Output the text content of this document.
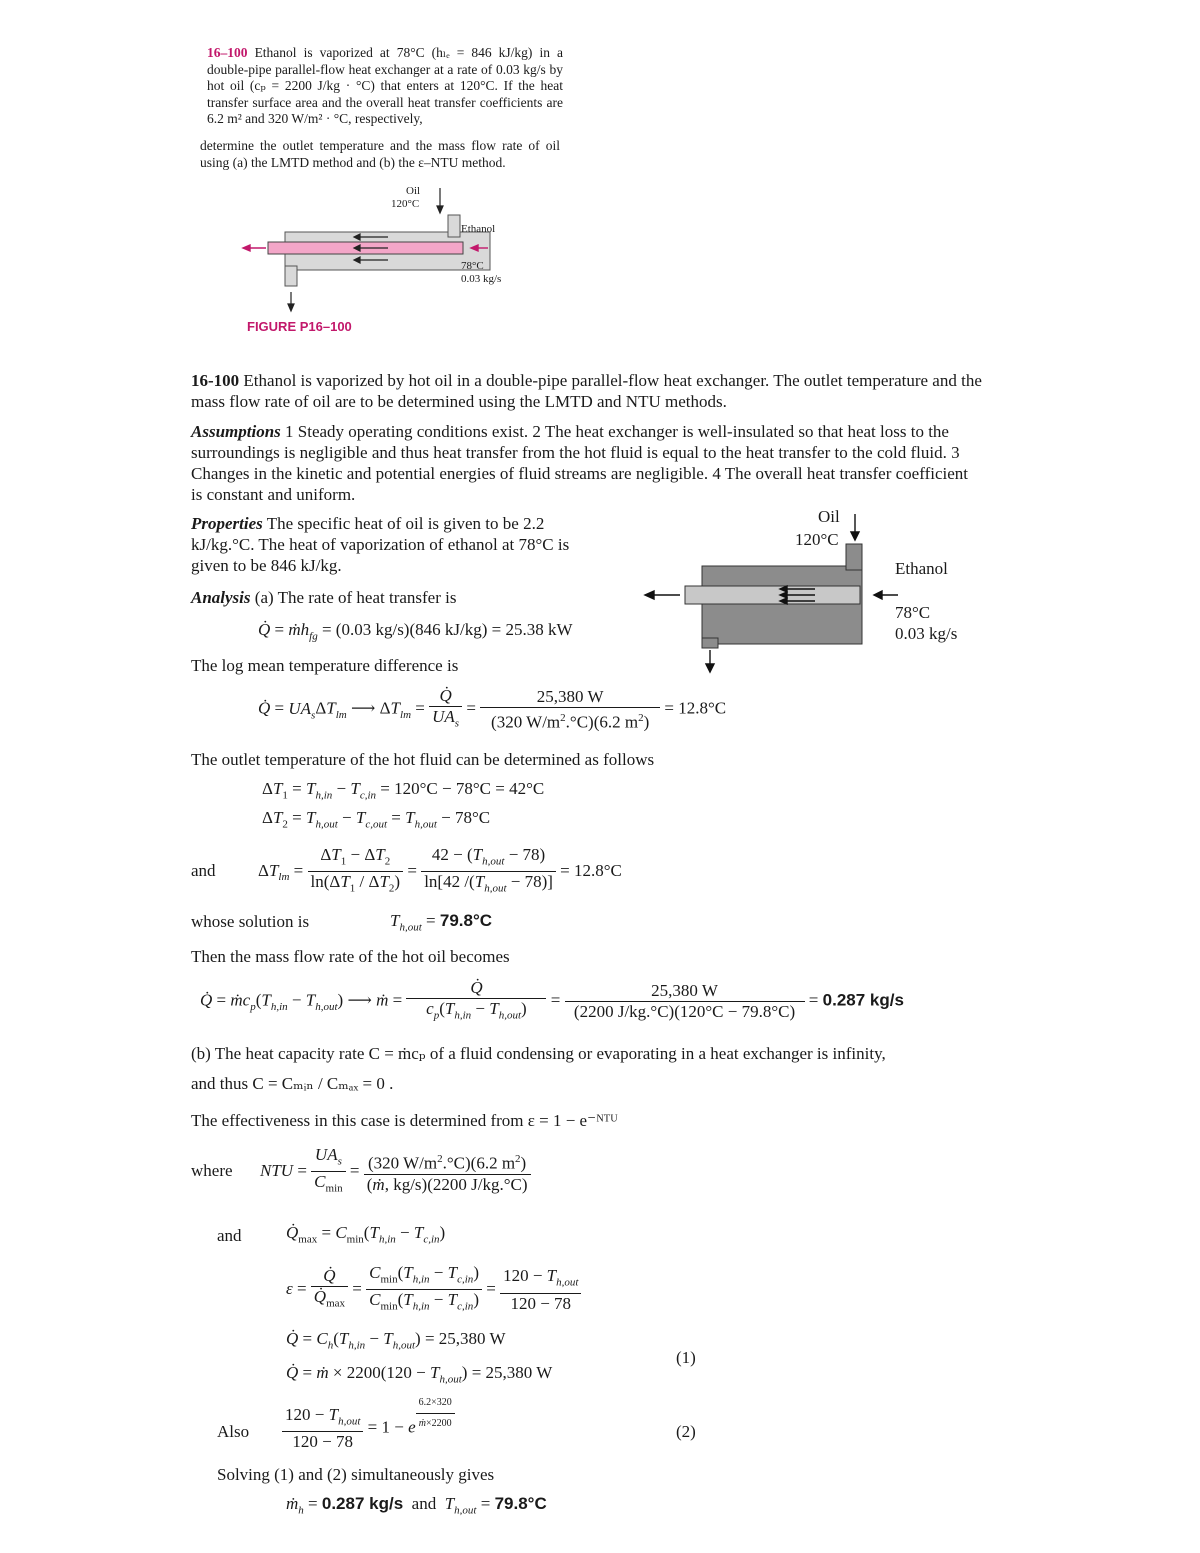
16–100 Ethanol is vaporized at 78°C (hₗₑ = 846 kJ/kg) in a double-pipe parallel-flow heat exchanger at a rate of 0.03 kg/s by hot oil (cₚ = 2200 J/kg · °C) that enters at 120°C. If the heat transfer surface area and the overall heat transfer coefficients are 6.2 m² and 320 W/m² · °C, respectively,
determine the outlet temperature and the mass flow rate of oil using (a) the LMTD method and (b) the ε–NTU method.
Oil
120°C
Ethanol
78°C
0.03 kg/s
FIGURE P16–100
16-100 Ethanol is vaporized by hot oil in a double-pipe parallel-flow heat exchanger. The outlet temperature and the mass flow rate of oil are to be determined using the LMTD and NTU methods.
Assumptions 1 Steady operating conditions exist. 2 The heat exchanger is well-insulated so that heat loss to the surroundings is negligible and thus heat transfer from the hot fluid is equal to the heat transfer to the cold fluid. 3 Changes in the kinetic and potential energies of fluid streams are negligible. 4 The overall heat transfer coefficient is constant and uniform.
Properties The specific heat of oil is given to be 2.2 kJ/kg.°C. The heat of vaporization of ethanol at 78°C is given to be 846 kJ/kg.
Analysis (a) The rate of heat transfer is
Oil
120°C
Ethanol
78°C
0.03 kg/s
Q̇ = $ṁh_{fg} = (0.03$ kg/s)(846 kJ/kg) = 25.38 kW
The log mean temperature difference is
Q̇ = $UA_s\Delta T_{lm}$ ⟶ $\Delta T_{lm} = \frac{Q̇}{UA_s} = \frac{25,380 W}{(320 W/m^2.^\circ C)(6.2 m^2)} = 12.8^\circ C$
The outlet temperature of the hot fluid can be determined as follows
$\Delta T_1 = T_{h,in} - T_{c,in} = 120^\circ C - 78^\circ C = 42^\circ C$
$\Delta T_2 = T_{h,out} - T_{c,out} = T_{h,out} - 78^\circ C$
and $\Delta T_{lm} = \frac{\Delta T_1 - \Delta T_2}{\ln(\Delta T_1 / \Delta T_2)} = \frac{42 - (T_{h,out} - 78)}{\ln[42 /(T_{h,out} - 78)]} = 12.8^\circ C$
whose solution is	$T_{h,out} = 79.8^\circ C$
Then the mass flow rate of the hot oil becomes
Q̇ = $ṁc_p(T_{h,in} - T_{h,out})$ ⟶ ṁ = $\frac{Q̇}{c_p(T_{h,in} - T_{h,out})} = \frac{25,380 W}{(2200 J/kg.^\circ C)(120^\circ C - 79.8^\circ C)} = 0.287$ kg/s
(b) The heat capacity rate C = ṁcₚ of a fluid condensing or evaporating in a heat exchanger is infinity,
and thus C = Cₘᵢₙ / Cₘₐₓ = 0 .
The effectiveness in this case is determined from ε = 1 − e⁻ᴺᵀᵁ
where NTU = $\frac{UA_s}{C_{min}} = \frac{(320 W/m^2.^\circ C)(6.2 m^2)}{(ṁ, kg/s)(2200 J/kg.^\circ C)}$
and	$Q̇_{max} = C_{min}(T_{h,in} - T_{c,in})$
$\varepsilon = \frac{Q̇}{Q̇_{max}} = \frac{C_{min}(T_{h,in} - T_{c,in})}{C_{min}(T_{h,in} - T_{c,in})} = \frac{120 - T_{h,out}}{120 - 78}$
Q̇ = $C_h(T_{h,in} - T_{h,out}) = 25,380$ W
Q̇ = ṁ × $2200(120 - T_{h,out}) = 25,380$ W
(1)
Also $\frac{120 - T_{h,out}}{120 - 78} = 1 - e$ $^{\frac{6.2\times 320}{ṁ\times 2200}}$	(2)
Solving (1) and (2) simultaneously gives
$ṁ_h = 0.287$ kg/s  and  $T_{h,out} = 79.8^\circ C$
